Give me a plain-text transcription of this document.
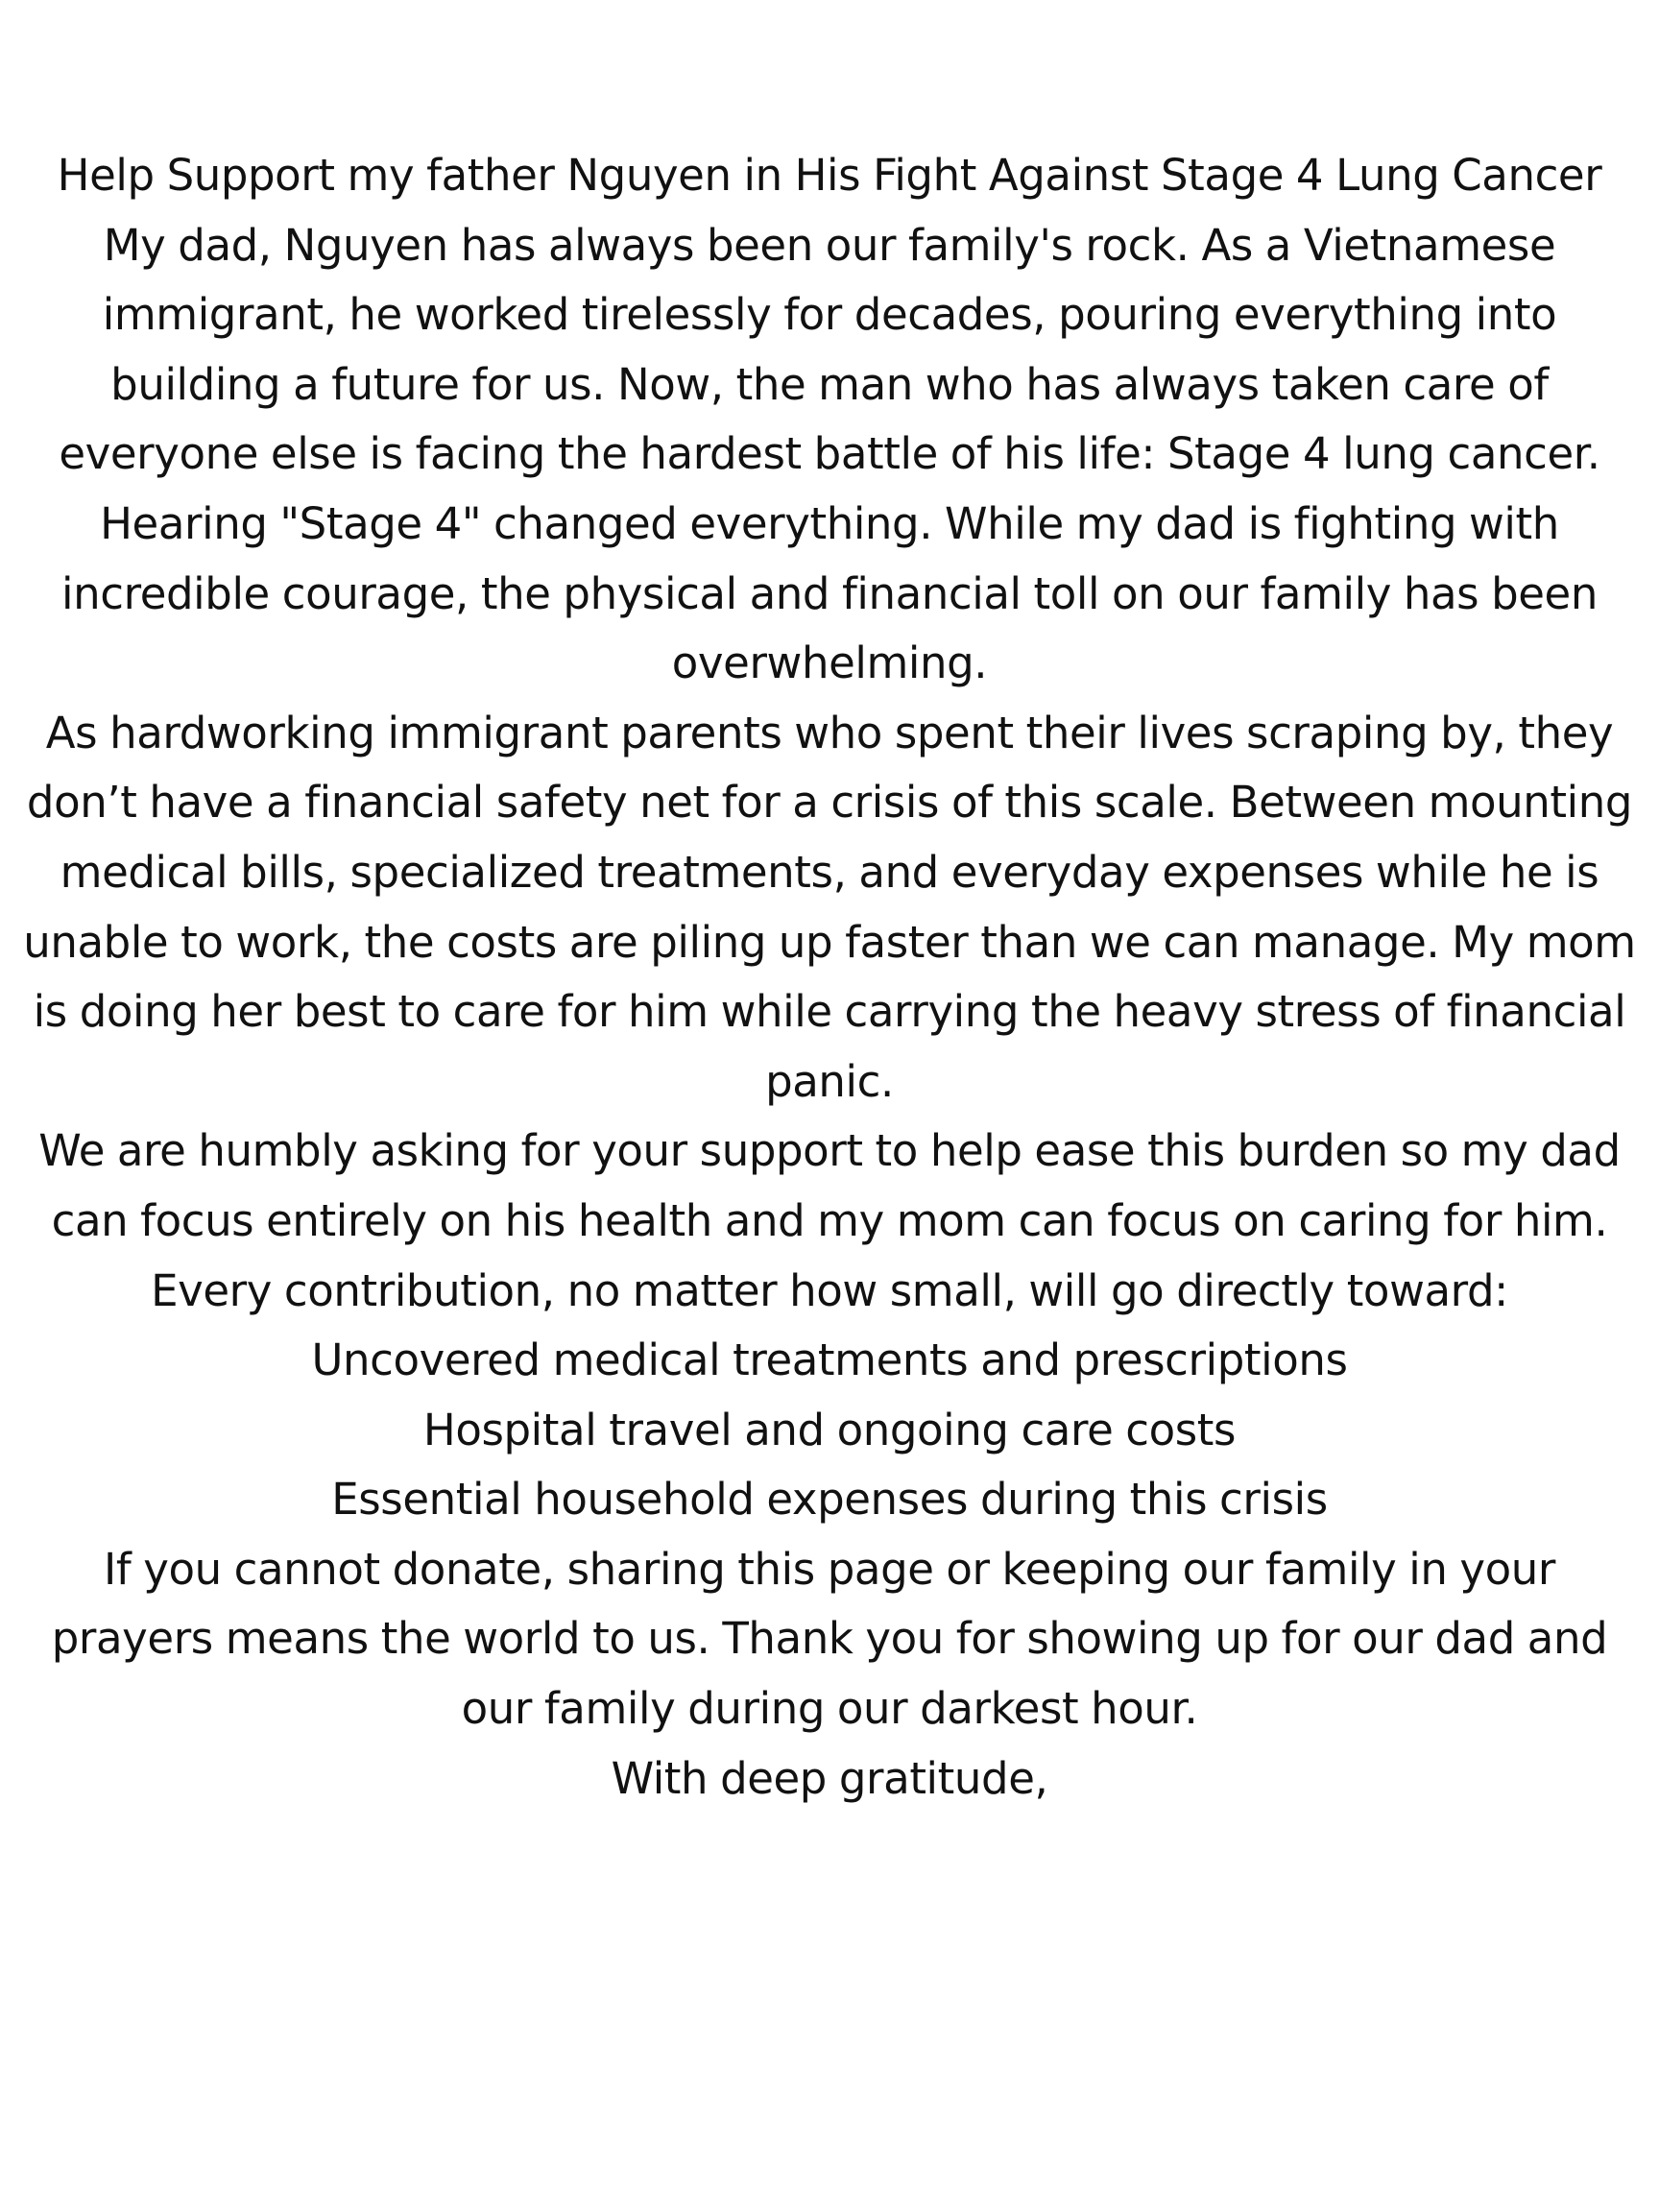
Help Support my father Nguyen in His Fight Against Stage 4 Lung Cancer

My dad, Nguyen has always been our family's rock. As a Vietnamese immigrant, he worked tirelessly for decades, pouring everything into building a future for us. Now, the man who has always taken care of everyone else is facing the hardest battle of his life: Stage 4 lung cancer.

Hearing "Stage 4" changed everything. While my dad is fighting with incredible courage, the physical and financial toll on our family has been overwhelming.

As hardworking immigrant parents who spent their lives scraping by, they don’t have a financial safety net for a crisis of this scale. Between mounting medical bills, specialized treatments, and everyday expenses while he is unable to work, the costs are piling up faster than we can manage. My mom is doing her best to care for him while carrying the heavy stress of financial panic.

We are humbly asking for your support to help ease this burden so my dad can focus entirely on his health and my mom can focus on caring for him.

Every contribution, no matter how small, will go directly toward:

Uncovered medical treatments and prescriptions
Hospital travel and ongoing care costs
Essential household expenses during this crisis

If you cannot donate, sharing this page or keeping our family in your prayers means the world to us. Thank you for showing up for our dad and our family during our darkest hour.

With deep gratitude,
